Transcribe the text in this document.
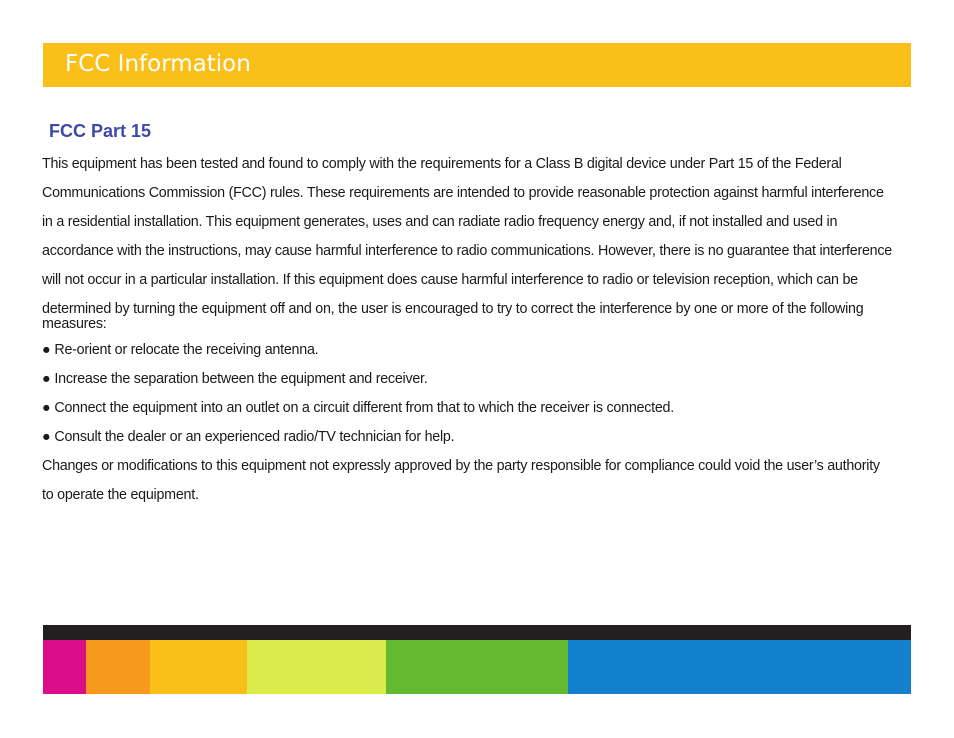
FCC Information
FCC Part 15

This equipment has been tested and found to comply with the requirements for a Class B digital device under Part 15 of the Federal
Communications Commission (FCC) rules. These requirements are intended to provide reasonable protection against harmful interference
in a residential installation. This equipment generates, uses and can radiate radio frequency energy and, if not installed and used in
accordance with the instructions, may cause harmful interference to radio communications. However, there is no guarantee that interference
will not occur in a particular installation. If this equipment does cause harmful interference to radio or television reception, which can be
determined by turning the equipment off and on, the user is encouraged to try to correct the interference by one or more of the following
measures:

● Re-orient or relocate the receiving antenna.
● Increase the separation between the equipment and receiver.
● Connect the equipment into an outlet on a circuit different from that to which the receiver is connected.
● Consult the dealer or an experienced radio/TV technician for help.

Changes or modifications to this equipment not expressly approved by the party responsible for compliance could void the user’s authority
to operate the equipment.
